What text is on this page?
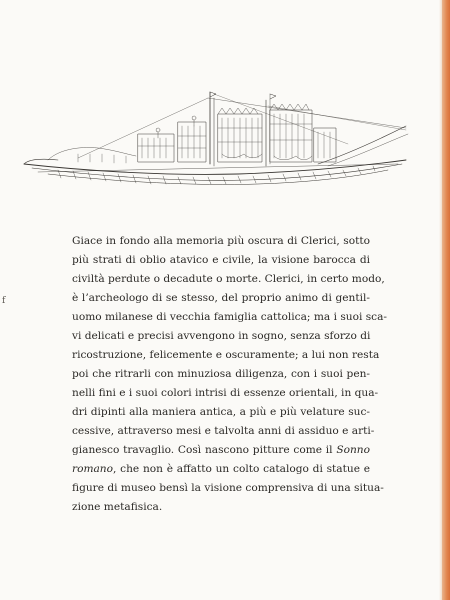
f
Giace in fondo alla memoria più oscura di Clerici, sotto
più strati di oblio atavico e civile, la visione barocca di
civiltà perdute o decadute o morte. Clerici, in certo modo,
è l’archeologo di se stesso, del proprio animo di gentil-
uomo milanese di vecchia famiglia cattolica; ma i suoi sca-
vi delicati e precisi avvengono in sogno, senza sforzo di
ricostruzione, felicemente e oscuramente; a lui non resta
poi che ritrarli con minuziosa diligenza, con i suoi pen-
nelli fini e i suoi colori intrisi di essenze orientali, in qua-
dri dipinti alla maniera antica, a più e più velature suc-
cessive, attraverso mesi e talvolta anni di assiduo e arti-
gianesco travaglio. Così nascono pitture come il Sonno
romano, che non è affatto un colto catalogo di statue e
figure di museo bensì la visione comprensiva di una situa-
zione metafisica.
